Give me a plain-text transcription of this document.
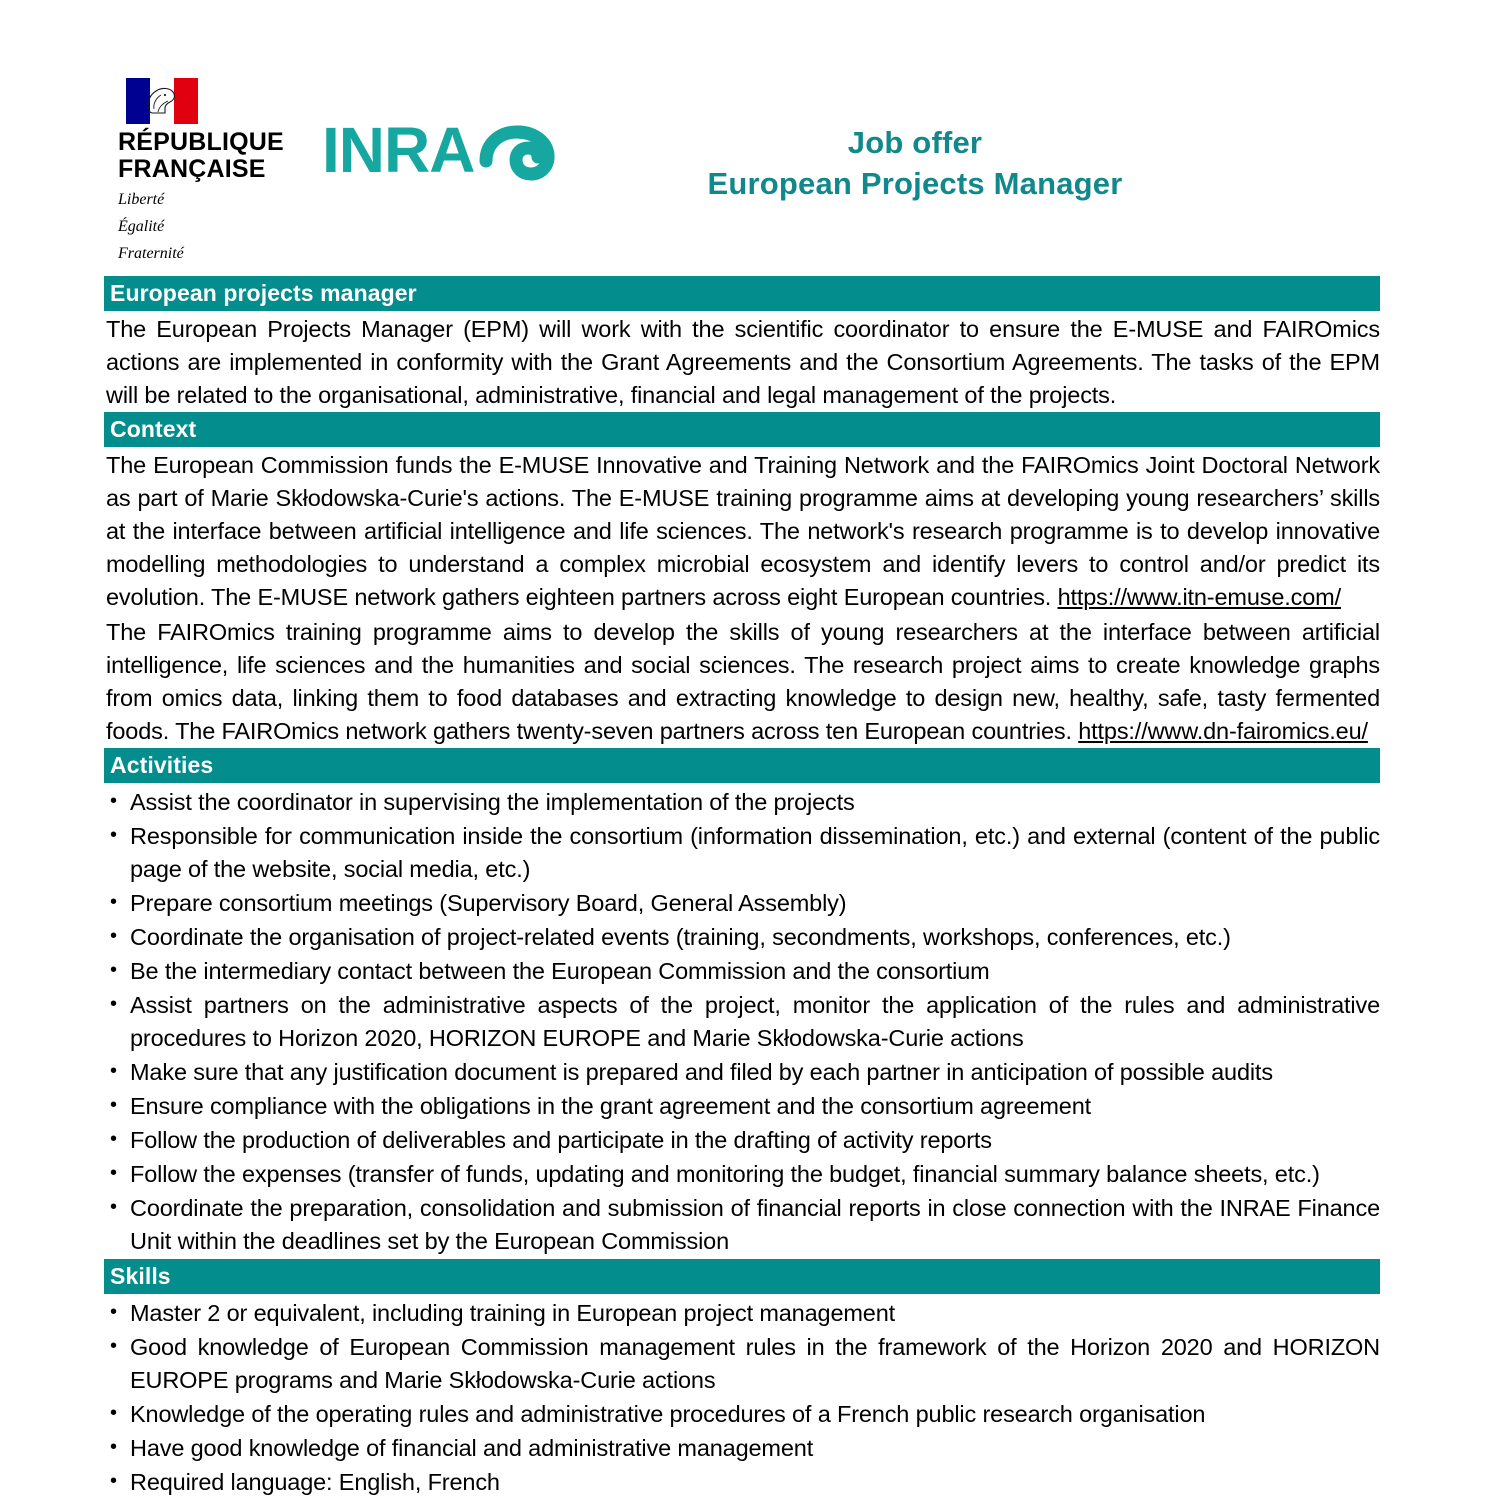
RÉPUBLIQUE
FRANÇAISE
Liberté
Égalité
Fraternité
INRA	Job offer
European Projects Manager
European projects manager

The European Projects Manager (EPM) will work with the scientific coordinator to ensure the E-MUSE and FAIROmics actions are implemented in conformity with the Grant Agreements and the Consortium Agreements. The tasks of the EPM will be related to the organisational, administrative, financial and legal management of the projects.

Context

The European Commission funds the E-MUSE Innovative and Training Network and the FAIROmics Joint Doctoral Network as part of Marie Skłodowska-Curie's actions. The E-MUSE training programme aims at developing young researchers’ skills at the interface between artificial intelligence and life sciences. The network's research programme is to develop innovative modelling methodologies to understand a complex microbial ecosystem and identify levers to control and/or predict its evolution. The E-MUSE network gathers eighteen partners across eight European countries. https://www.itn-emuse.com/

The FAIROmics training programme aims to develop the skills of young researchers at the interface between artificial intelligence, life sciences and the humanities and social sciences. The research project aims to create knowledge graphs from omics data, linking them to food databases and extracting knowledge to design new, healthy, safe, tasty fermented foods. The FAIROmics network gathers twenty-seven partners across ten European countries. https://www.dn-fairomics.eu/

Activities
• Assist the coordinator in supervising the implementation of the projects
• Responsible for communication inside the consortium (information dissemination, etc.) and external (content of the public page of the website, social media, etc.)
• Prepare consortium meetings (Supervisory Board, General Assembly)
• Coordinate the organisation of project-related events (training, secondments, workshops, conferences, etc.)
• Be the intermediary contact between the European Commission and the consortium
• Assist partners on the administrative aspects of the project, monitor the application of the rules and administrative procedures to Horizon 2020, HORIZON EUROPE and Marie Skłodowska-Curie actions
• Make sure that any justification document is prepared and filed by each partner in anticipation of possible audits
• Ensure compliance with the obligations in the grant agreement and the consortium agreement
• Follow the production of deliverables and participate in the drafting of activity reports
• Follow the expenses (transfer of funds, updating and monitoring the budget, financial summary balance sheets, etc.)
• Coordinate the preparation, consolidation and submission of financial reports in close connection with the INRAE Finance Unit within the deadlines set by the European Commission
Skills
• Master 2 or equivalent, including training in European project management
• Good knowledge of European Commission management rules in the framework of the Horizon 2020 and HORIZON EUROPE programs and Marie Skłodowska-Curie actions
• Knowledge of the operating rules and administrative procedures of a French public research organisation
• Have good knowledge of financial and administrative management
• Required language: English, French
